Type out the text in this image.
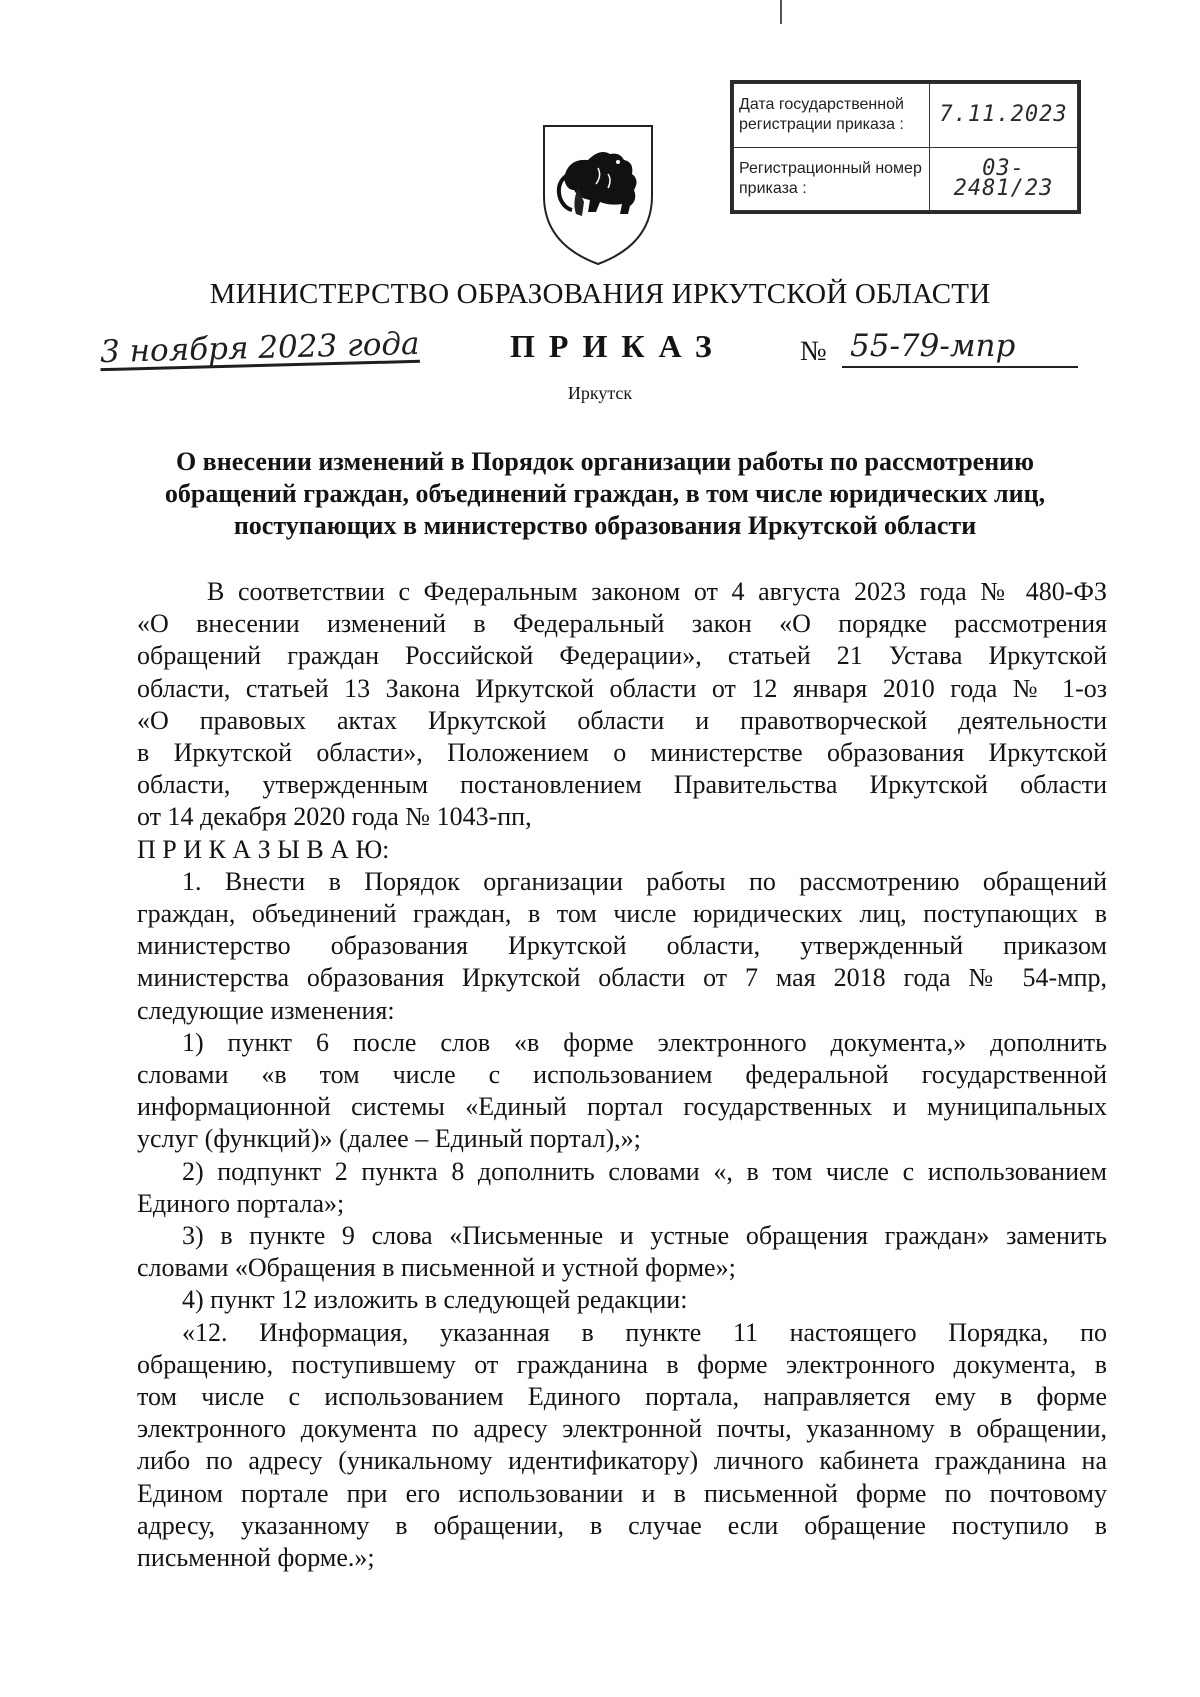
Дата государственной регистрации приказа :	7.11.2023
Регистрационный номер приказа :	03-2481/23
МИНИСТЕРСТВО ОБРАЗОВАНИЯ ИРКУТСКОЙ ОБЛАСТИ
3 ноября 2023 года	ПРИКАЗ	№ 55-79-мпр
Иркутск
О внесении изменений в Порядок организации работы по рассмотрению
обращений граждан, объединений граждан, в том числе юридических лиц,
поступающих в министерство образования Иркутской области

В соответствии с Федеральным законом от 4 августа 2023 года № 480-ФЗ

«О внесении изменений в Федеральный закон «О порядке рассмотрения

обращений граждан Российской Федерации», статьей 21 Устава Иркутской

области, статьей 13 Закона Иркутской области от 12 января 2010 года № 1-оз

«О правовых актах Иркутской области и правотворческой деятельности

в Иркутской области», Положением о министерстве образования Иркутской

области, утвержденным постановлением Правительства Иркутской области

от 14 декабря 2020 года № 1043-пп,

П Р И К А З Ы В А Ю:

1. Внести в Порядок организации работы по рассмотрению обращений

граждан, объединений граждан, в том числе юридических лиц, поступающих в

министерство образования Иркутской области, утвержденный приказом

министерства образования Иркутской области от 7 мая 2018 года № 54-мпр,

следующие изменения:

1) пункт 6 после слов «в форме электронного документа,» дополнить

словами «в том числе с использованием федеральной государственной

информационной системы «Единый портал государственных и муниципальных

услуг (функций)» (далее – Единый портал),»;

2) подпункт 2 пункта 8 дополнить словами «, в том числе с использованием

Единого портала»;

3) в пункте 9 слова «Письменные и устные обращения граждан» заменить

словами «Обращения в письменной и устной форме»;

4) пункт 12 изложить в следующей редакции:

«12. Информация, указанная в пункте 11 настоящего Порядка, по

обращению, поступившему от гражданина в форме электронного документа, в

том числе с использованием Единого портала, направляется ему в форме

электронного документа по адресу электронной почты, указанному в обращении,

либо по адресу (уникальному идентификатору) личного кабинета гражданина на

Едином портале при его использовании и в письменной форме по почтовому

адресу, указанному в обращении, в случае если обращение поступило в

письменной форме.»;
